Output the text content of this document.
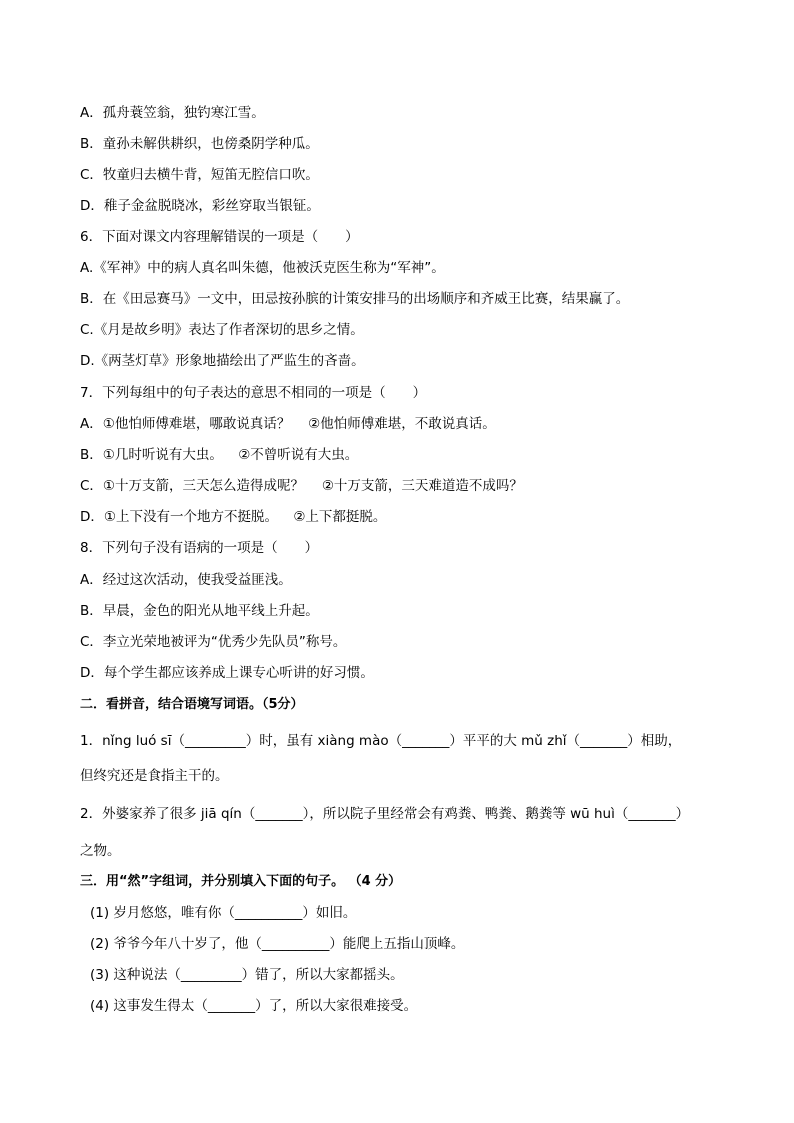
A．孤舟蓑笠翁，独钓寒江雪。
B．童孙未解供耕织，也傍桑阴学种瓜。
C．牧童归去横牛背，短笛无腔信口吹。
D．稚子金盆脱晓冰，彩丝穿取当银钲。
6．下面对课文内容理解错误的一项是（　　）
A.《军神》中的病人真名叫朱德，他被沃克医生称为“军神”。
B．在《田忌赛马》一文中，田忌按孙膑的计策安排马的出场顺序和齐威王比赛，结果赢了。
C.《月是故乡明》表达了作者深切的思乡之情。
D.《两茎灯草》形象地描绘出了严监生的吝啬。
7．下列每组中的句子表达的意思不相同的一项是（　　）
A．①他怕师傅难堪，哪敢说真话？　 ②他怕师傅难堪，不敢说真话。
B．①几时听说有大虫。　  ②不曾听说有大虫。
C．①十万支箭，三天怎么造得成呢？　 ②十万支箭，三天难道造不成吗？
D．①上下没有一个地方不挺脱。　  ②上下都挺脱。
8．下列句子没有语病的一项是（　　）
A．经过这次活动，使我受益匪浅。
B．早晨，金色的阳光从地平线上升起。
C．李立光荣地被评为“优秀少先队员”称号。
D．每个学生都应该养成上课专心听讲的好习惯。
二．看拼音，结合语境写词语。（5分）
1．nǐng luó sī（_________）时，虽有 xiàng mào（_______）平平的大 mǔ zhǐ（_______）相助，
但终究还是食指主干的。
2．外婆家养了很多 jiā qín（_______），所以院子里经常会有鸡粪、鸭粪、鹅粪等 wū huì（_______）
之物。
三．用“然”字组词，并分别填入下面的句子。 （4 分）
(1) 岁月悠悠，唯有你（__________）如旧。
(2) 爷爷今年八十岁了，他（__________）能爬上五指山顶峰。
(3) 这种说法（_________）错了，所以大家都摇头。
(4) 这事发生得太（_______）了，所以大家很难接受。
